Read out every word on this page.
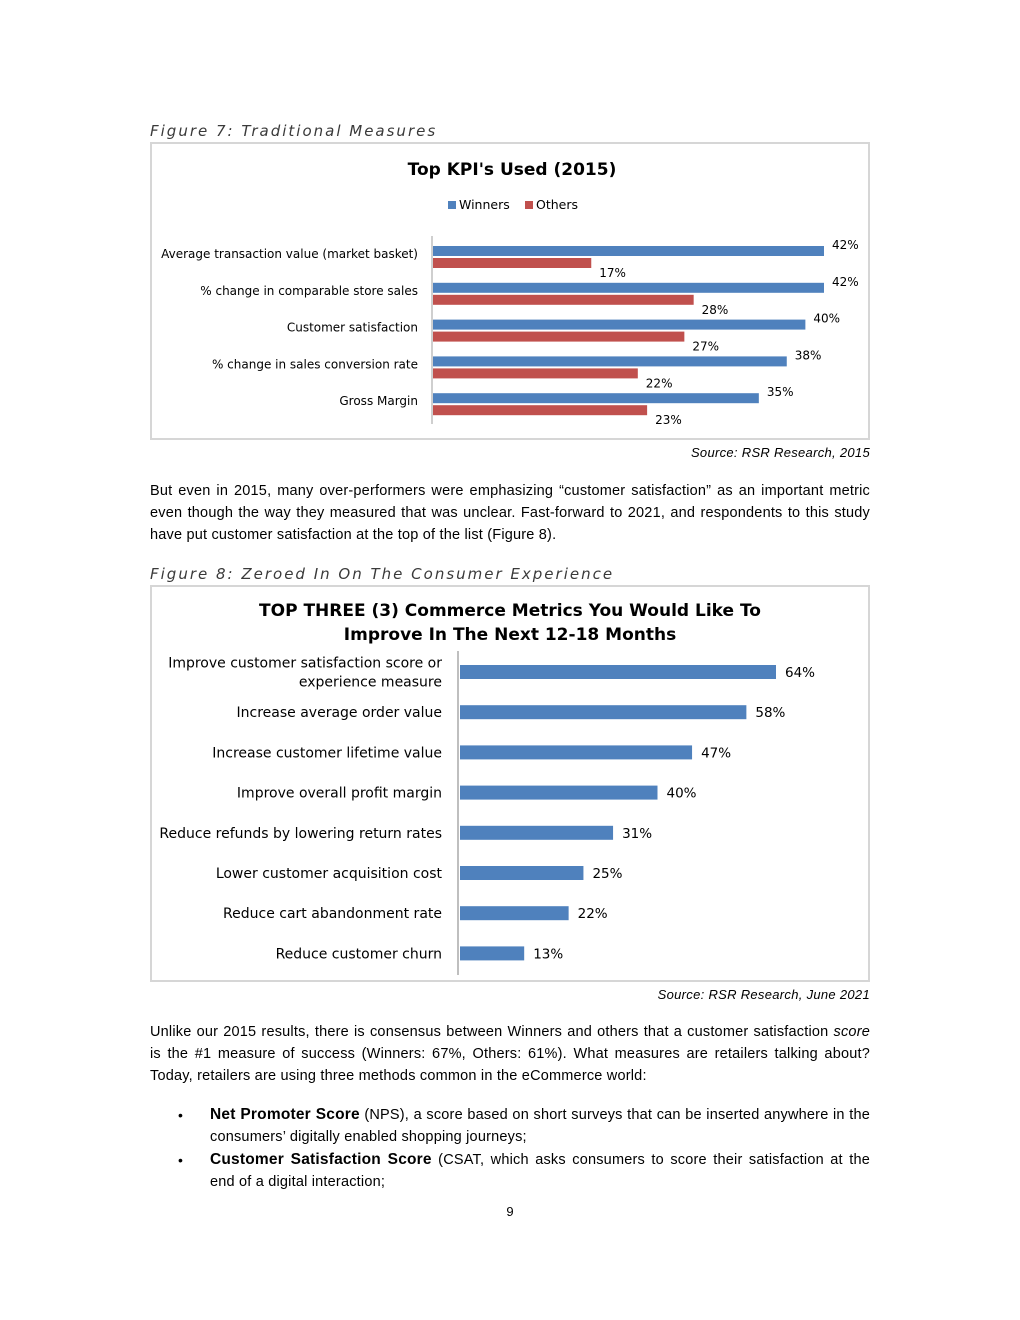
Figure 7: Traditional Measures
Top KPI's Used (2015)
Winners Others
Average transaction value (market basket)
42%
17%
% change in comparable store sales
42%
28%
Customer satisfaction
40%
27%
% change in sales conversion rate
38%
22%
Gross Margin
35%
23%
Source: RSR Research, 2015

But even in 2015, many over-performers were emphasizing “customer satisfaction” as an important metric even though the way they measured that was unclear. Fast-forward to 2021, and respondents to this study have put customer satisfaction at the top of the list (Figure 8).

Figure 8: Zeroed In On The Consumer Experience
TOP THREE (3) Commerce Metrics You Would Like To
Improve In The Next 12-18 Months
Improve customer satisfaction score or
experience measure
64%
Increase average order value	58%
Increase customer lifetime value	47%
Improve overall profit margin	40%
Reduce refunds by lowering return rates	31%
Lower customer acquisition cost	25%
Reduce cart abandonment rate	22%
Reduce customer churn	13%
Source: RSR Research, June 2021

Unlike our 2015 results, there is consensus between Winners and others that a customer satisfaction score is the #1 measure of success (Winners: 67%, Others: 61%). What measures are retailers talking about? Today, retailers are using three methods common in the eCommerce world:

• Net Promoter Score (NPS), a score based on short surveys that can be inserted anywhere in the consumers’ digitally enabled shopping journeys;
• Customer Satisfaction Score (CSAT, which asks consumers to score their satisfaction at the end of a digital interaction;
9
